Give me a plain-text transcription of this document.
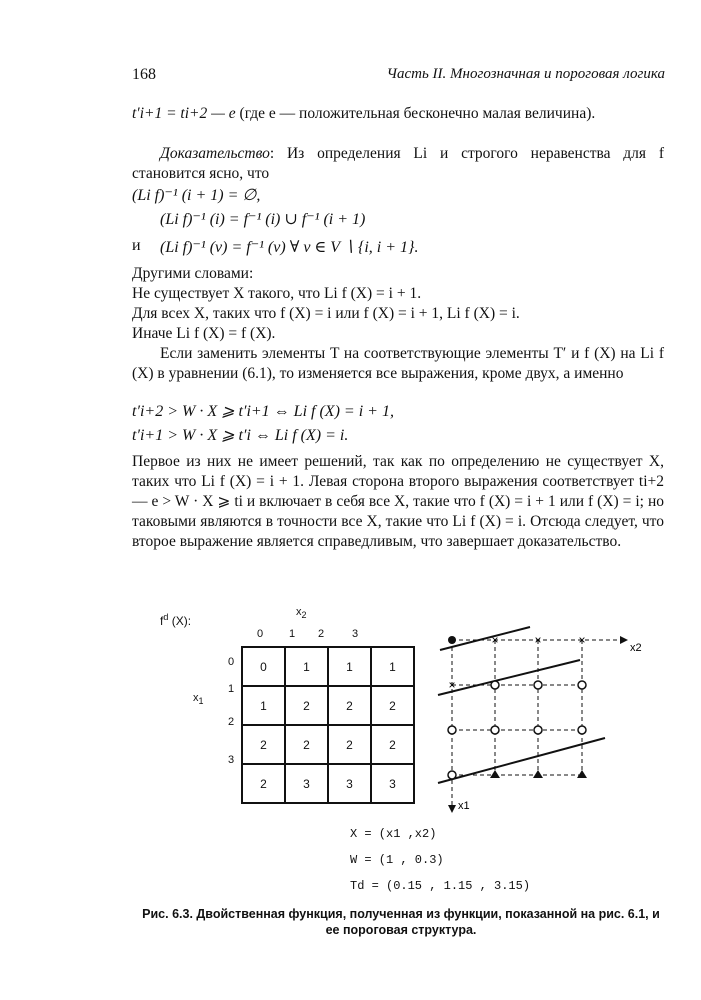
168	Часть II. Многозначная и пороговая логика

t′i+1 = ti+2 — e (где e — положительная бесконечно малая величина).

Доказательство: Из определения Li и строгого неравенства для f становится ясно, что

(Li f)⁻¹ (i + 1) = ∅,
(Li f)⁻¹ (i) = f⁻¹ (i) ∪ f⁻¹ (i + 1)
и (Li f)⁻¹ (v) = f⁻¹ (v) ∀ v ∈ V ∖ {i, i + 1}.
Другими словами:
Не существует X такого, что Li f (X) = i + 1.
Для всех X, таких что f (X) = i или f (X) = i + 1, Li f (X) = i.
Иначе Li f (X) = f (X).

Если заменить элементы T на соответствующие элементы T′ и f (X) на Li f (X) в уравнении (6.1), то изменяется все выражения, кроме двух, а именно

t′i+2 > W · X ⩾ t′i+1 ⇔ Li f (X) = i + 1,
t′i+1 > W · X ⩾ t′i ⇔ Li f (X) = i.

Первое из них не имеет решений, так как по определению не существует X, таких что Li f (X) = i + 1. Левая сторона второго выражения соответствует ti+2 — e > W · X ⩾ ti и включает в себя все X, такие что f (X) = i + 1 или f (X) = i; но таковыми являются в точности все X, такие что Li f (X) = i. Отсюда следует, что второе выражение является справедливым, что завершает доказательство.

$f^d$ (X):
$x_2$
$x_1$
0 1 2	3
0
1
2
3
0	1	1	1
1	2	2	2
2	2	2	2
2	3	3	3
x2
x1
×	×	×
×
X = (x1 ,x2)
W = (1 , 0.3)
Td = (0.15 , 1.15 , 3.15)
Рис. 6.3. Двойственная функция, полученная из функции, показанной на рис. 6.1, и ее пороговая структура.
